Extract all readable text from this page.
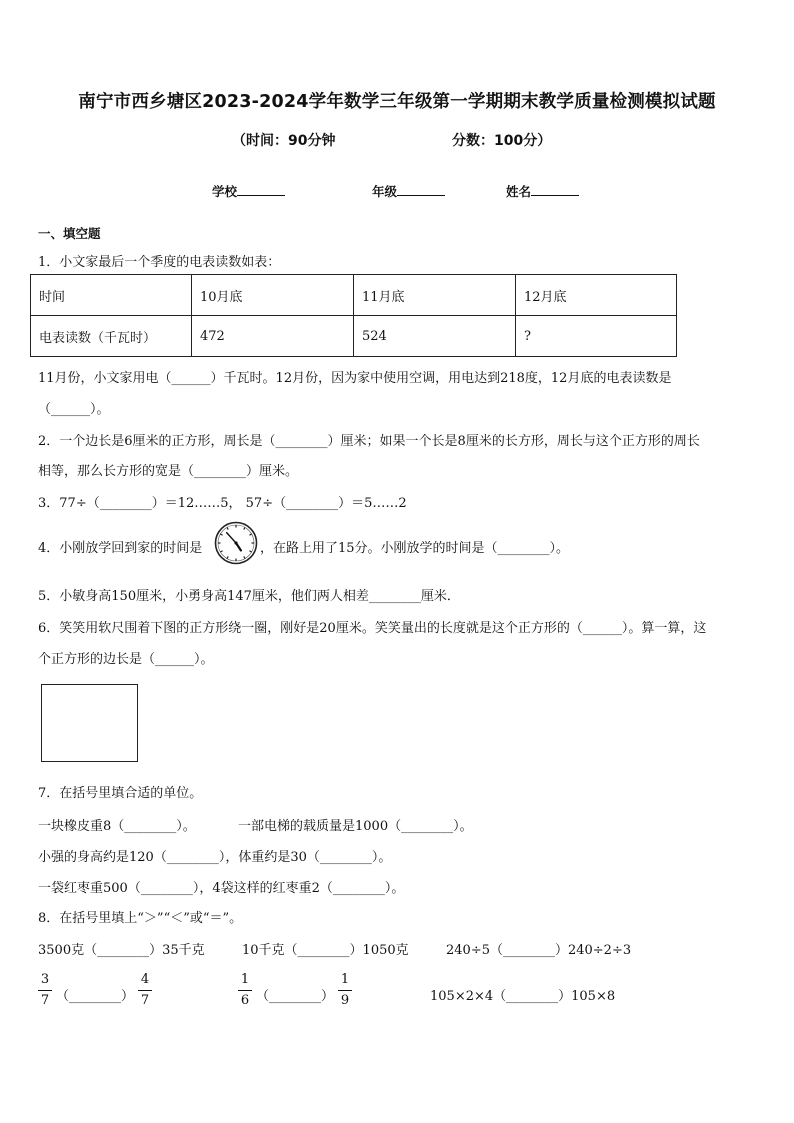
南宁市西乡塘区2023-2024学年数学三年级第一学期期末教学质量检测模拟试题
（时间：90分钟	分数：100分）
学校	年级	姓名
一、填空题
1．小文家最后一个季度的电表读数如表：
时间	10月底	11月底	12月底
电表读数（千瓦时）	472	524	?
11月份，小文家用电（______）千瓦时。12月份，因为家中使用空调，用电达到218度，12月底的电表读数是
（______）。
2．一个边长是6厘米的正方形，周长是（________）厘米；如果一个长是8厘米的长方形，周长与这个正方形的周长
相等，那么长方形的宽是（________）厘米。
3．77÷（________）＝12……5， 57÷（________）＝5……2
4．小刚放学回到家的时间是	，在路上用了15分。小刚放学的时间是（________）。
5．小敏身高150厘米，小勇身高147厘米，他们两人相差________厘米．
6．笑笑用软尺围着下图的正方形绕一圈，刚好是20厘米。笑笑量出的长度就是这个正方形的（______）。算一算，这
个正方形的边长是（______）。
7．在括号里填合适的单位。
一块橡皮重8（________）。	一部电梯的载质量是1000（________）。
小强的身高约是120（________），体重约是30（________）。
一袋红枣重500（________），4袋这样的红枣重2（________）。
8．在括号里填上“＞”“＜”或“＝”。
3500克（________）35千克	10千克（________）1050克	240÷5（________）240÷2÷3
3
7 （________）
4
7
1
6 （________）
1
9	105×2×4（________）105×8
